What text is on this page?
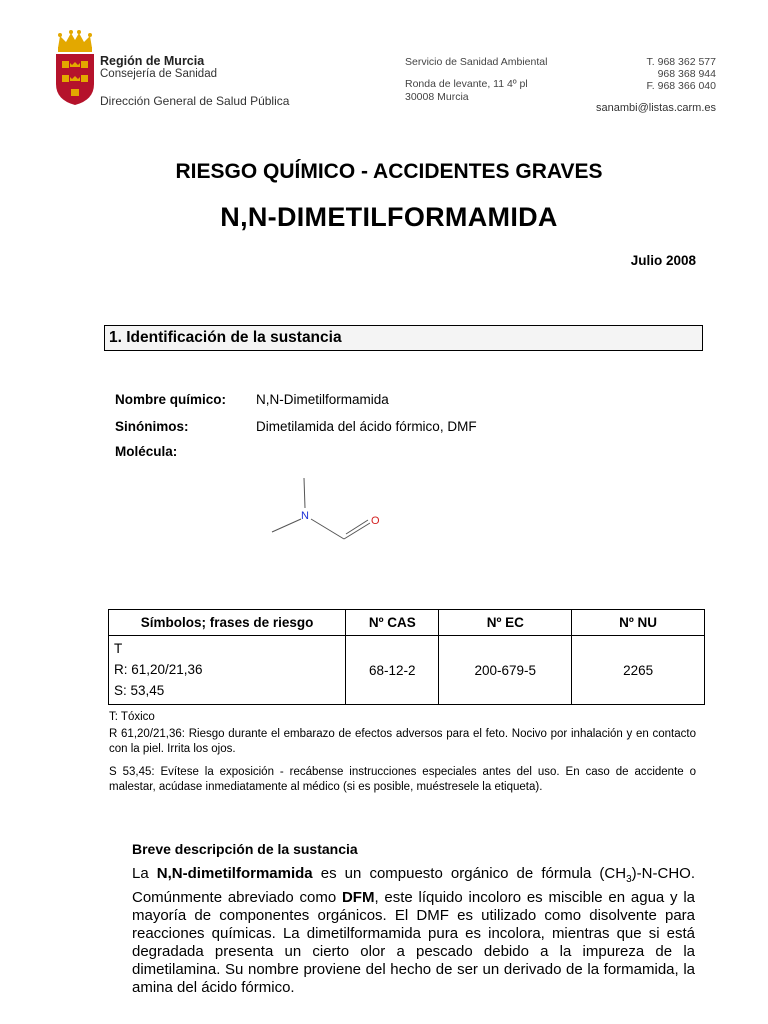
Región de Murcia
Consejería de Sanidad
Dirección General de Salud Pública
Servicio de Sanidad Ambiental
Ronda de levante, 11 4º pl
30008 Murcia
T. 968 362 577
968 368 944
F. 968 366 040
sanambi@listas.carm.es
RIESGO QUÍMICO - ACCIDENTES GRAVES
N,N-DIMETILFORMAMIDA
Julio 2008
1. Identificación de la sustancia
Nombre químico: N,N-Dimetilformamida
Sinónimos:	Dimetilamida del ácido fórmico, DMF
Molécula:
N	O
Símbolos; frases de riesgo	Nº CAS	Nº EC	Nº NU

T
R: 61,20/21,36
S: 53,45	68-12-2	200-679-5	2265
T: Tóxico
R 61,20/21,36: Riesgo durante el embarazo de efectos adversos para el feto. Nocivo por inhalación y en contacto con la piel. Irrita los ojos.
S 53,45: Evítese la exposición - recábense instrucciones especiales antes del uso. En caso de accidente o malestar, acúdase inmediatamente al médico (si es posible, muéstresele la etiqueta).
Breve descripción de la sustancia
La N,N-dimetilformamida es un compuesto orgánico de fórmula $(CH_3)-N$-CHO. Comúnmente abreviado como DFM, este líquido incoloro es miscible en agua y la mayoría de componentes orgánicos. El DMF es utilizado como disolvente para reacciones químicas. La dimetilformamida pura es incolora, mientras que si está degradada presenta un cierto olor a pescado debido a la impureza de la dimetilamina. Su nombre proviene del hecho de ser un derivado de la formamida, la amina del ácido fórmico.
